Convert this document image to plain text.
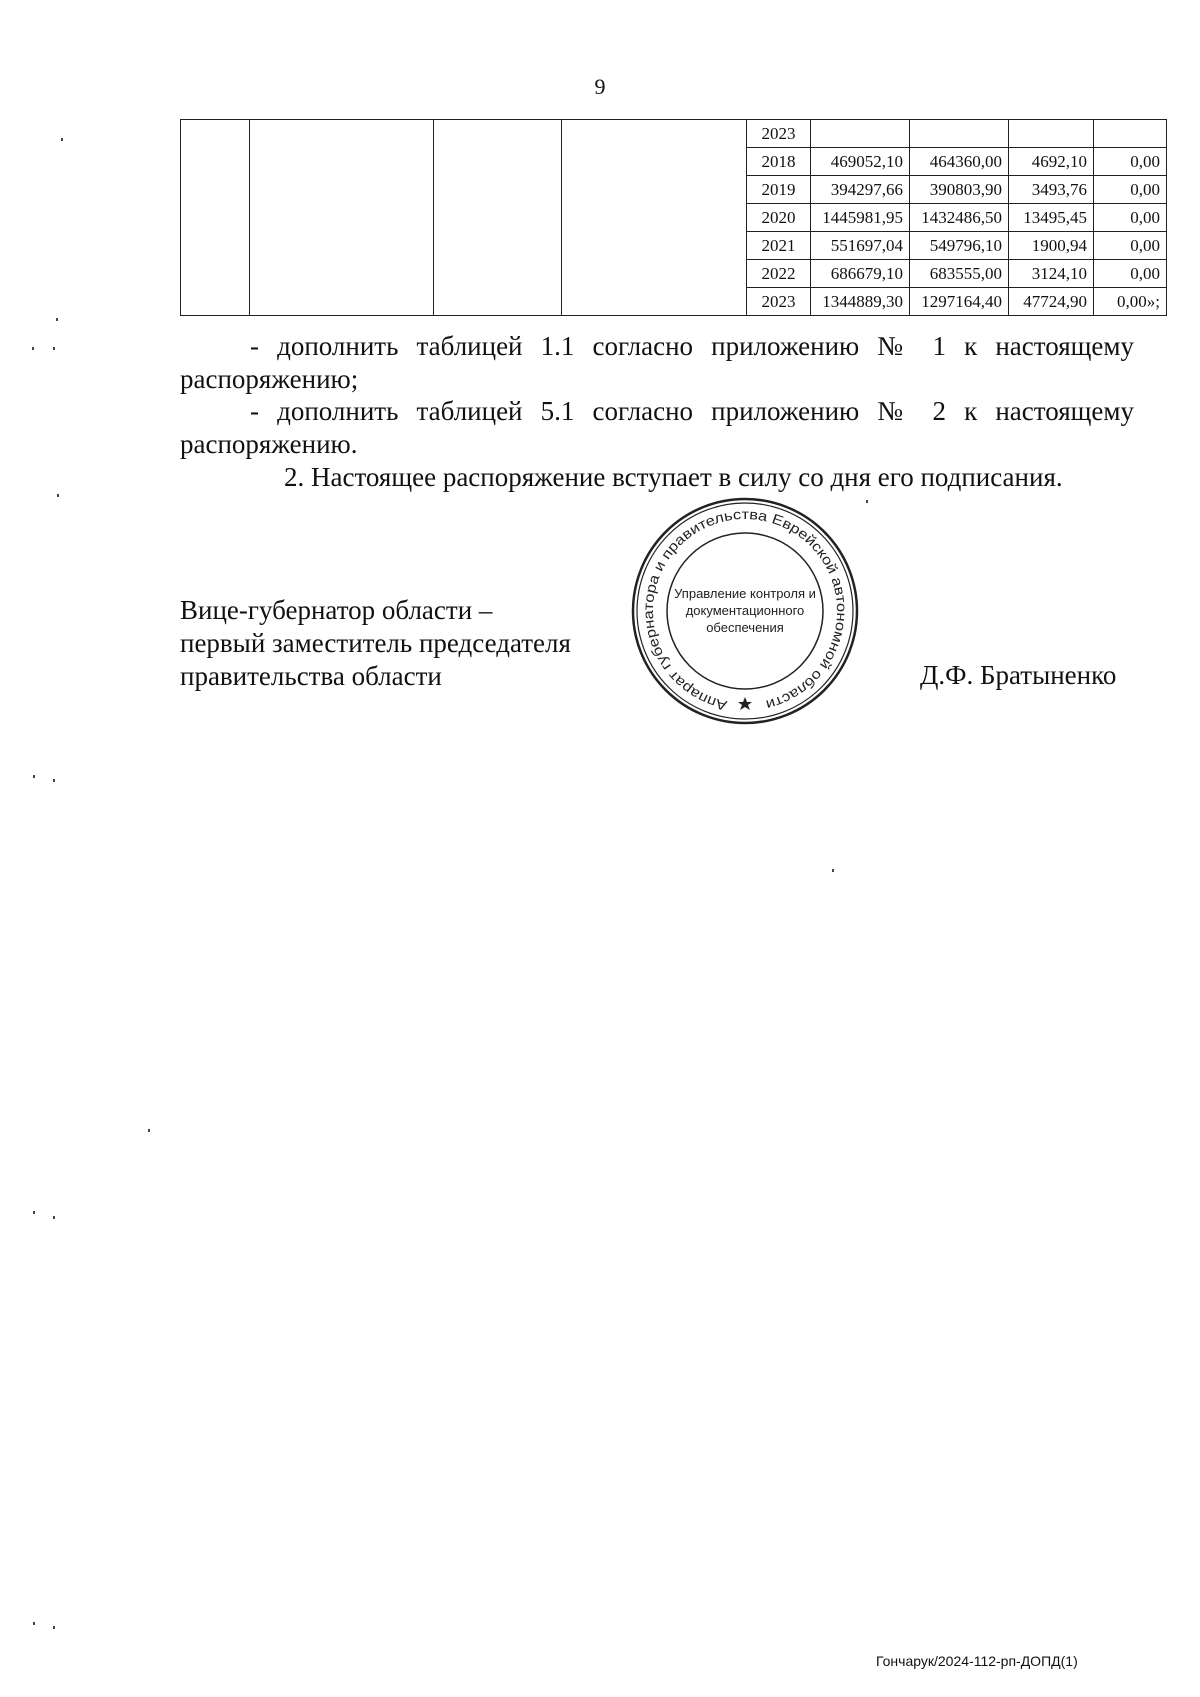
9
				2023				
				2018	469052,10	464360,00	4692,10	0,00
				2019	394297,66	390803,90	3493,76	0,00
				2020	1445981,95	1432486,50	13495,45	0,00
				2021	551697,04	549796,10	1900,94	0,00
				2022	686679,10	683555,00	3124,10	0,00
				2023	1344889,30	1297164,40	47724,90	0,00»;
- дополнить таблицей 1.1 согласно приложению № 1 к настоящему
распоряжению;
- дополнить таблицей 5.1 согласно приложению № 2 к настоящему
распоряжению.
2. Настоящее распоряжение вступает в силу со дня его подписания.
Вице-губернатор области –
первый заместитель председателя
правительства области
Аппарат губернатора и правительства Еврейской автономной области
Управление контроля и
документационного
обеспечения
Д.Ф. Братыненко
Гончарук/2024-112-рп-ДОПД(1)
